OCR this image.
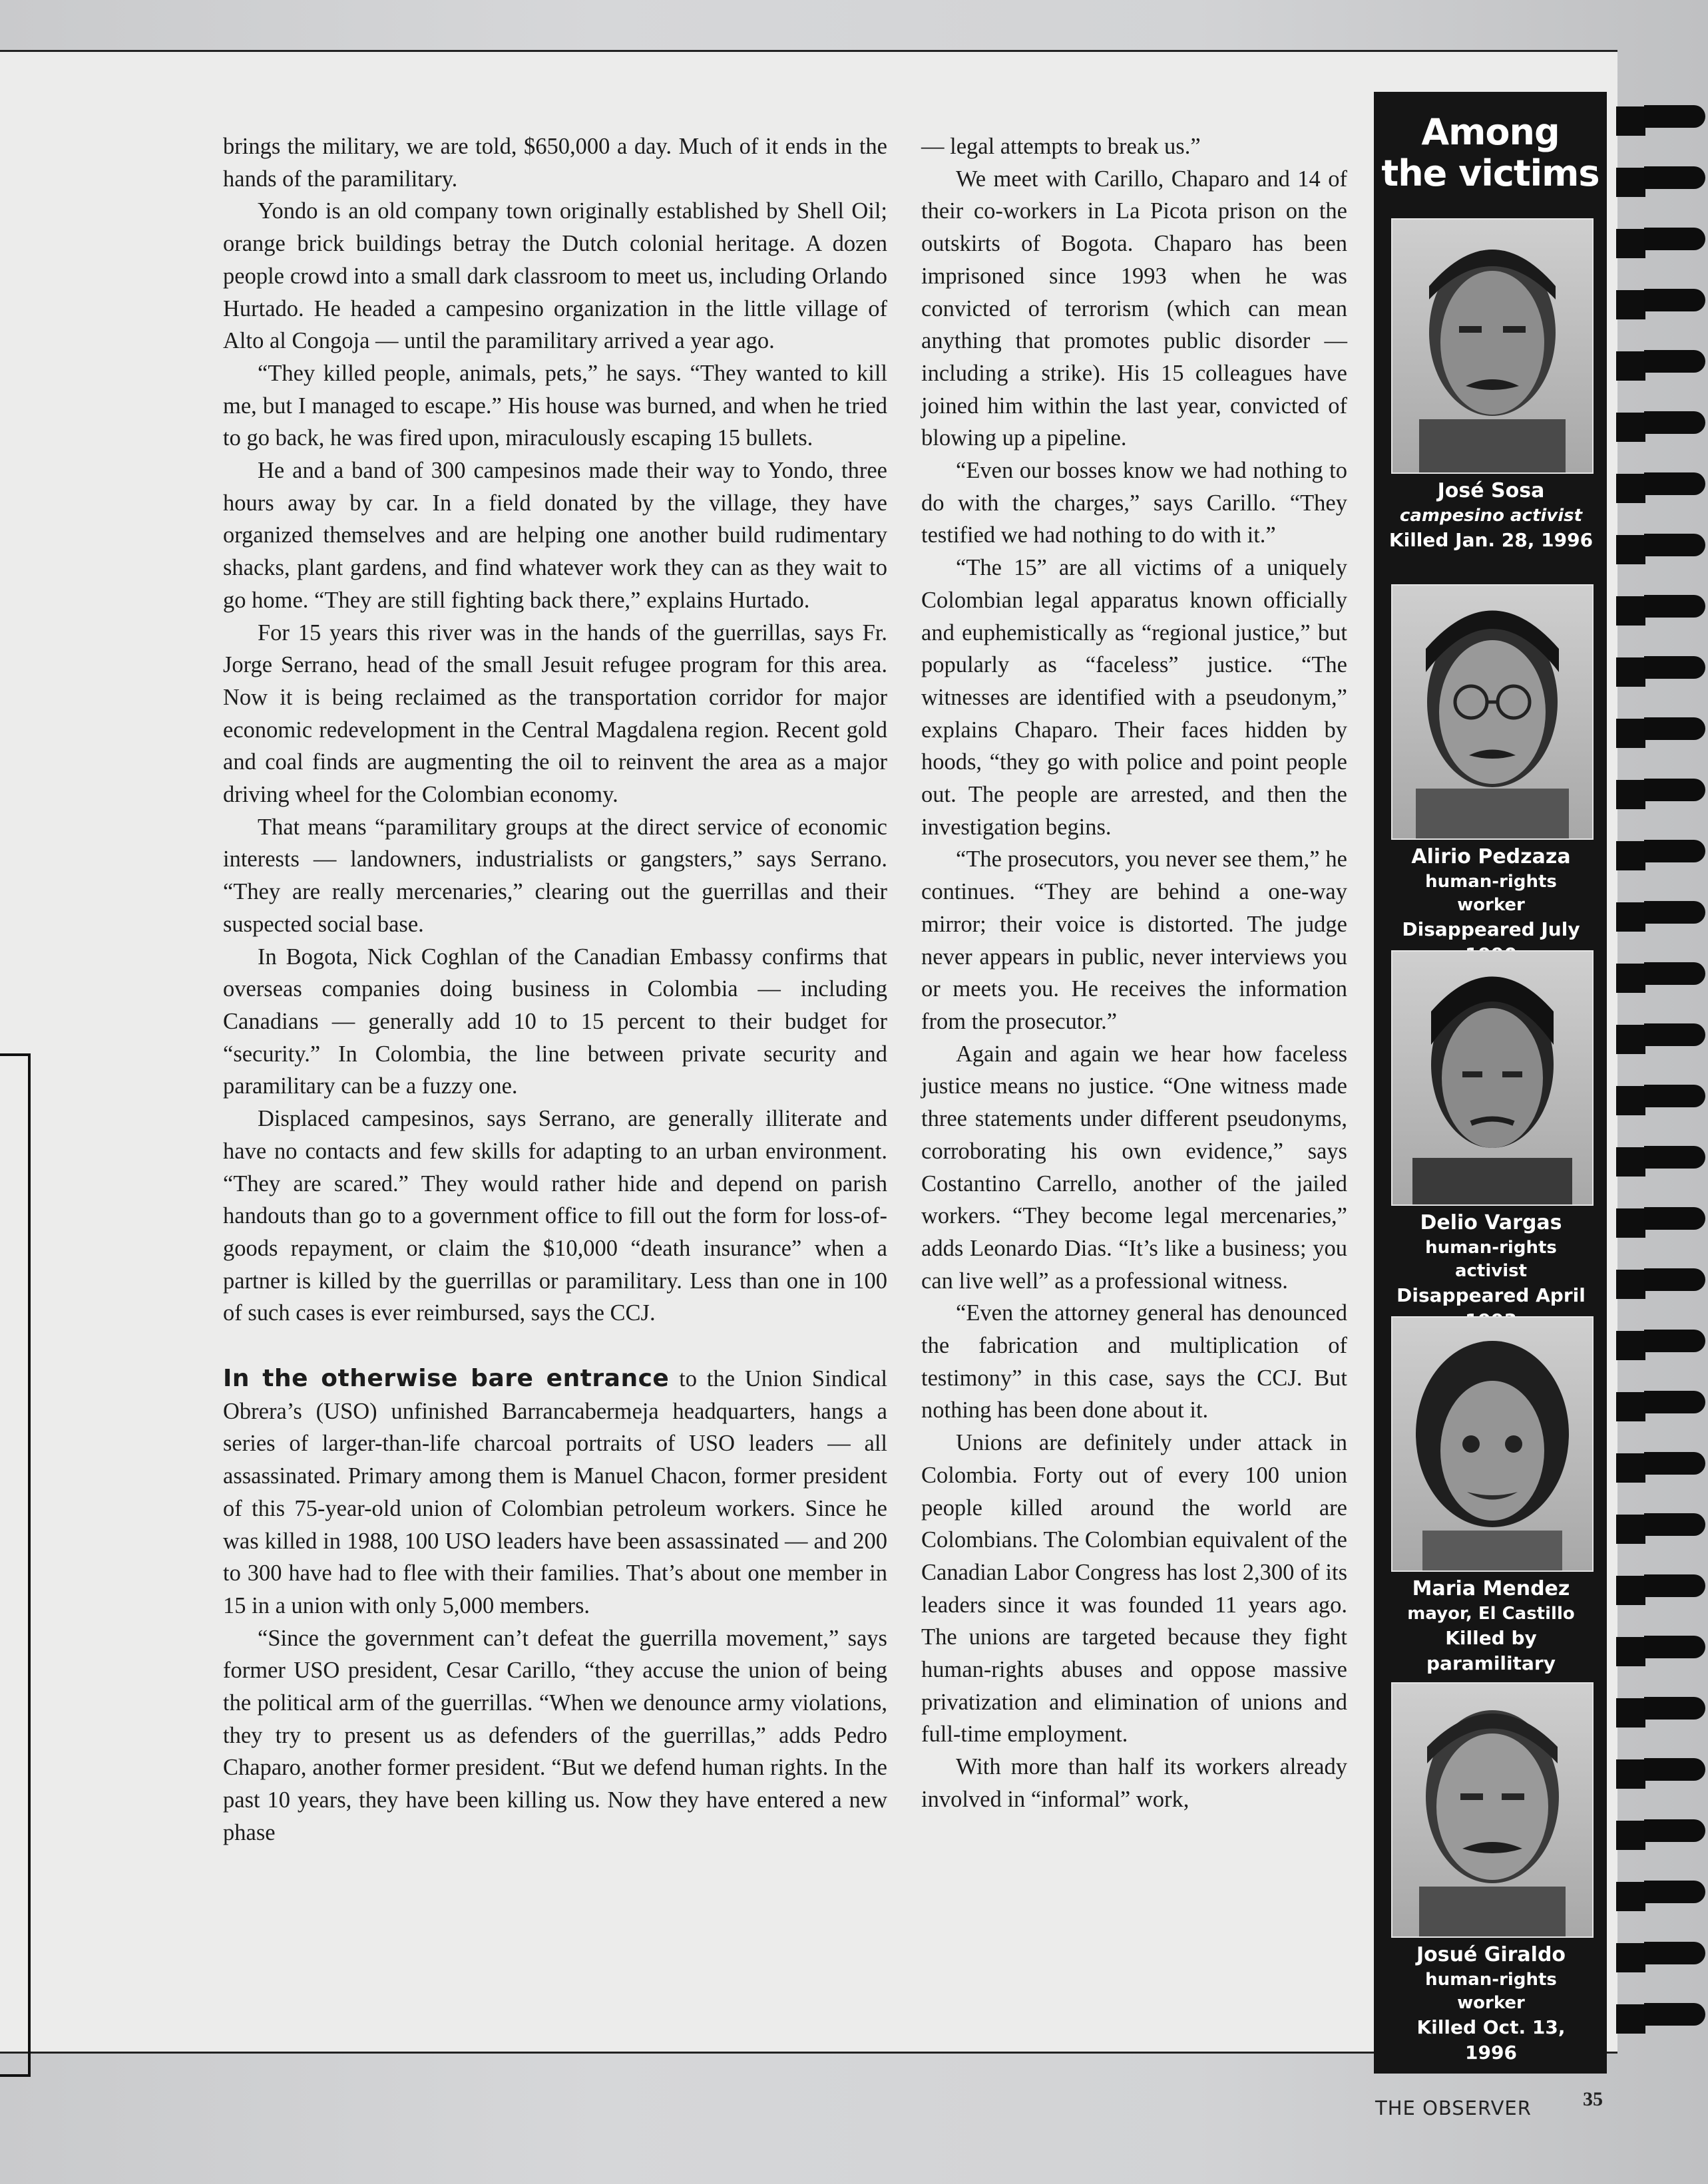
brings the military, we are told, $650,000 a day. Much of it ends in the hands of the paramilitary.

Yondo is an old company town originally established by Shell Oil; orange brick buildings betray the Dutch colonial heritage. A dozen people crowd into a small dark classroom to meet us, including Orlando Hurtado. He headed a campesino organization in the little village of Alto al Congoja — until the paramilitary arrived a year ago.

“They killed people, animals, pets,” he says. “They wanted to kill me, but I managed to escape.” His house was burned, and when he tried to go back, he was fired upon, miraculously escaping 15 bullets.

He and a band of 300 campesinos made their way to Yondo, three hours away by car. In a field donated by the village, they have organized themselves and are helping one another build rudimentary shacks, plant gardens, and find whatever work they can as they wait to go home. “They are still fighting back there,” explains Hurtado.

For 15 years this river was in the hands of the guerrillas, says Fr. Jorge Serrano, head of the small Jesuit refugee program for this area. Now it is being reclaimed as the transportation corridor for major economic redevelopment in the Central Magdalena region. Recent gold and coal finds are augmenting the oil to reinvent the area as a major driving wheel for the Colombian economy.

That means “paramilitary groups at the direct service of economic interests — landowners, industrialists or gangsters,” says Serrano. “They are really mercenaries,” clearing out the guerrillas and their suspected social base.

In Bogota, Nick Coghlan of the Canadian Embassy confirms that overseas companies doing business in Colombia — including Canadians — generally add 10 to 15 percent to their budget for “security.” In Colombia, the line between private security and paramilitary can be a fuzzy one.

Displaced campesinos, says Serrano, are generally illiterate and have no contacts and few skills for adapting to an urban environment. “They are scared.” They would rather hide and depend on parish handouts than go to a government office to fill out the form for loss-of-goods repayment, or claim the $10,000 “death insurance” when a partner is killed by the guerrillas or paramilitary. Less than one in 100 of such cases is ever reimbursed, says the CCJ.

In the otherwise bare entrance to the Union Sindical Obrera’s (USO) unfinished Barrancabermeja headquarters, hangs a series of larger-than-life charcoal portraits of USO leaders — all assassinated. Primary among them is Manuel Chacon, former president of this 75-year-old union of Colombian petroleum workers. Since he was killed in 1988, 100 USO leaders have been assassinated — and 200 to 300 have had to flee with their families. That’s about one member in 15 in a union with only 5,000 members.

“Since the government can’t defeat the guerrilla movement,” says former USO president, Cesar Carillo, “they accuse the union of being the political arm of the guerrillas. “When we denounce army violations, they try to present us as defenders of the guerrillas,” adds Pedro Chaparo, another former president. “But we defend human rights. In the past 10 years, they have been killing us. Now they have entered a new phase

— legal attempts to break us.”

We meet with Carillo, Chaparo and 14 of their co-workers in La Picota prison on the outskirts of Bogota. Chaparo has been imprisoned since 1993 when he was convicted of terrorism (which can mean anything that promotes public disorder — including a strike). His 15 colleagues have joined him within the last year, convicted of blowing up a pipeline.

“Even our bosses know we had nothing to do with the charges,” says Carillo. “They testified we had nothing to do with it.”

“The 15” are all victims of a uniquely Colombian legal apparatus known officially and euphemistically as “regional justice,” but popularly as “faceless” justice. “The witnesses are identified with a pseudonym,” explains Chaparo. Their faces hidden by hoods, “they go with police and point people out. The people are arrested, and then the investigation begins.

“The prosecutors, you never see them,” he continues. “They are behind a one-way mirror; their voice is distorted. The judge never appears in public, never interviews you or meets you. He receives the information from the prosecutor.”

Again and again we hear how faceless justice means no justice. “One witness made three statements under different pseudonyms, corroborating his own evidence,” says Costantino Carrello, another of the jailed workers. “They become legal mercenaries,” adds Leonardo Dias. “It’s like a business; you can live well” as a professional witness.

“Even the attorney general has denounced the fabrication and multiplication of testimony” in this case, says the CCJ. But nothing has been done about it.

Unions are definitely under attack in Colombia. Forty out of every 100 union people killed around the world are Colombians. The Colombian equivalent of the Canadian Labor Congress has lost 2,300 of its leaders since it was founded 11 years ago. The unions are targeted because they fight human-rights abuses and oppose massive privatization and elimination of unions and full-time employment.

With more than half its workers already involved in “informal” work,

Among
the victims
José Sosa
campesino activist
Killed Jan. 28, 1996
Alirio Pedzaza
human-rights worker
Disappeared July
Delio Vargas
human-rights activist
Disappeared April
Maria Mendez
mayor, El Castillo
Killed by paramilitary
Josué Giraldo
human-rights worker
Killed Oct. 13, 1996
THE OBSERVER	35
